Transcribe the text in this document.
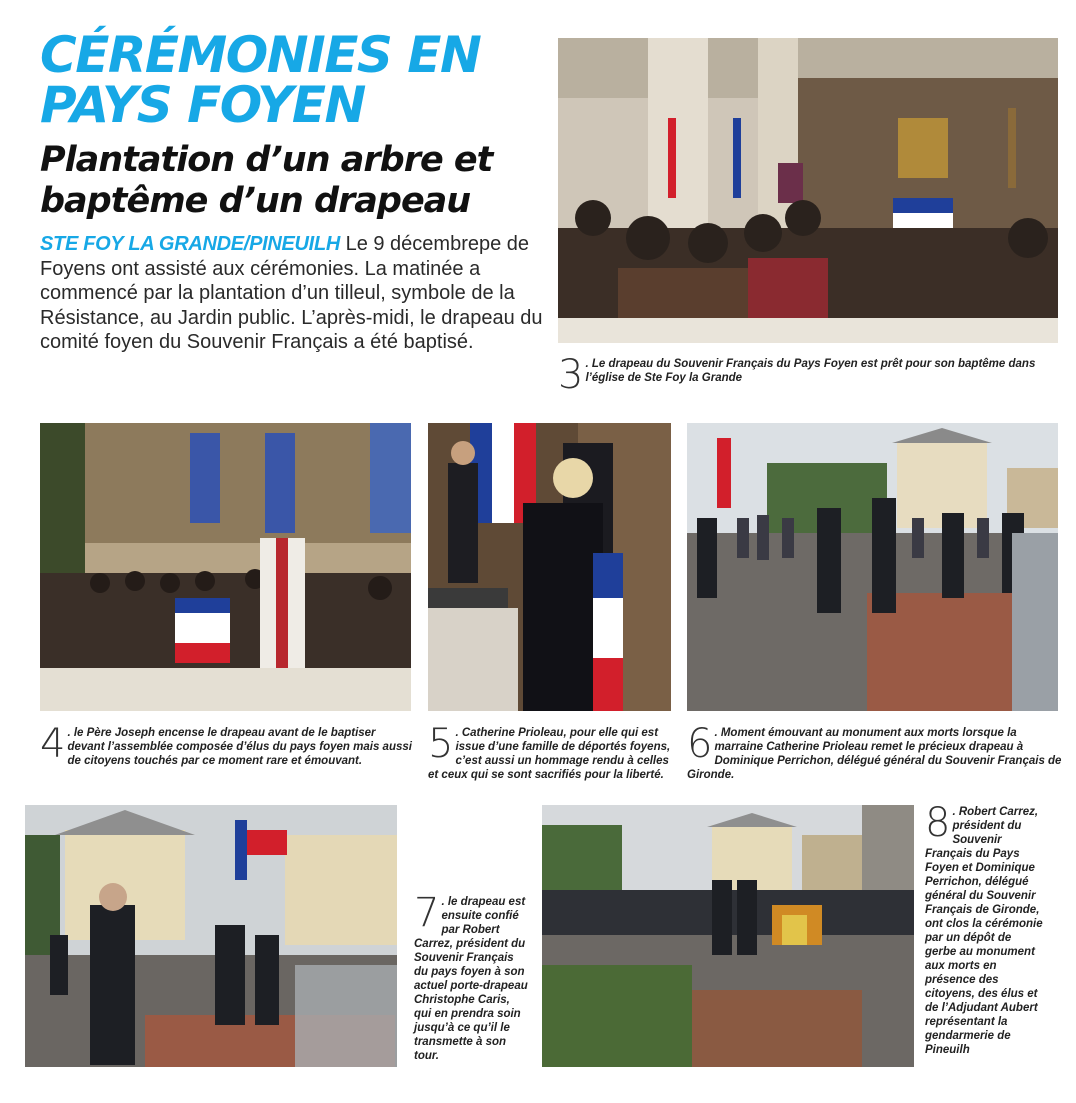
CÉRÉMONIES EN
PAYS FOYEN
Plantation d’un arbre et
baptême d’un drapeau
STE FOY LA GRANDE/PINEUILH Le 9 décembrepe de Foyens ont assisté aux cérémonies. La matinée a commencé par la plantation d’un tilleul, symbole de la Résistance, au Jardin public. L’après-midi, le drapeau du comité foyen du Souvenir Français a été baptisé.
3 . Le drapeau du Souvenir Français du Pays Foyen est prêt pour son baptême dans l’église de Ste Foy la Grande
4 . le Père Joseph encense le drapeau avant de le baptiser devant l’assemblée composée d’élus du pays foyen mais aussi de citoyens touchés par ce moment rare et émouvant.	5 . Catherine Prioleau, pour elle qui est issue d’une famille de déportés foyens, c’est aussi un hommage rendu à celles et ceux qui se sont sacrifiés pour la liberté.
6 . Moment émouvant au monument aux morts lorsque la marraine Catherine Prioleau remet le précieux drapeau à Dominique Perrichon, délégué général du Souvenir Français de Gironde.
7 . le drapeau est ensuite confié par Robert Carrez, président du Souvenir Français du pays foyen à son actuel porte-drapeau Christophe Caris, qui en prendra soin jusqu’à ce qu’il le transmette à son tour.
8 . Robert Carrez, président du Souvenir Français du Pays Foyen et Dominique Perrichon, délégué général du Souvenir Français de Gironde, ont clos la cérémonie par un dépôt de gerbe au monument aux morts en présence des citoyens, des élus et de l’Adjudant Aubert représentant la gendarmerie de Pineuilh
